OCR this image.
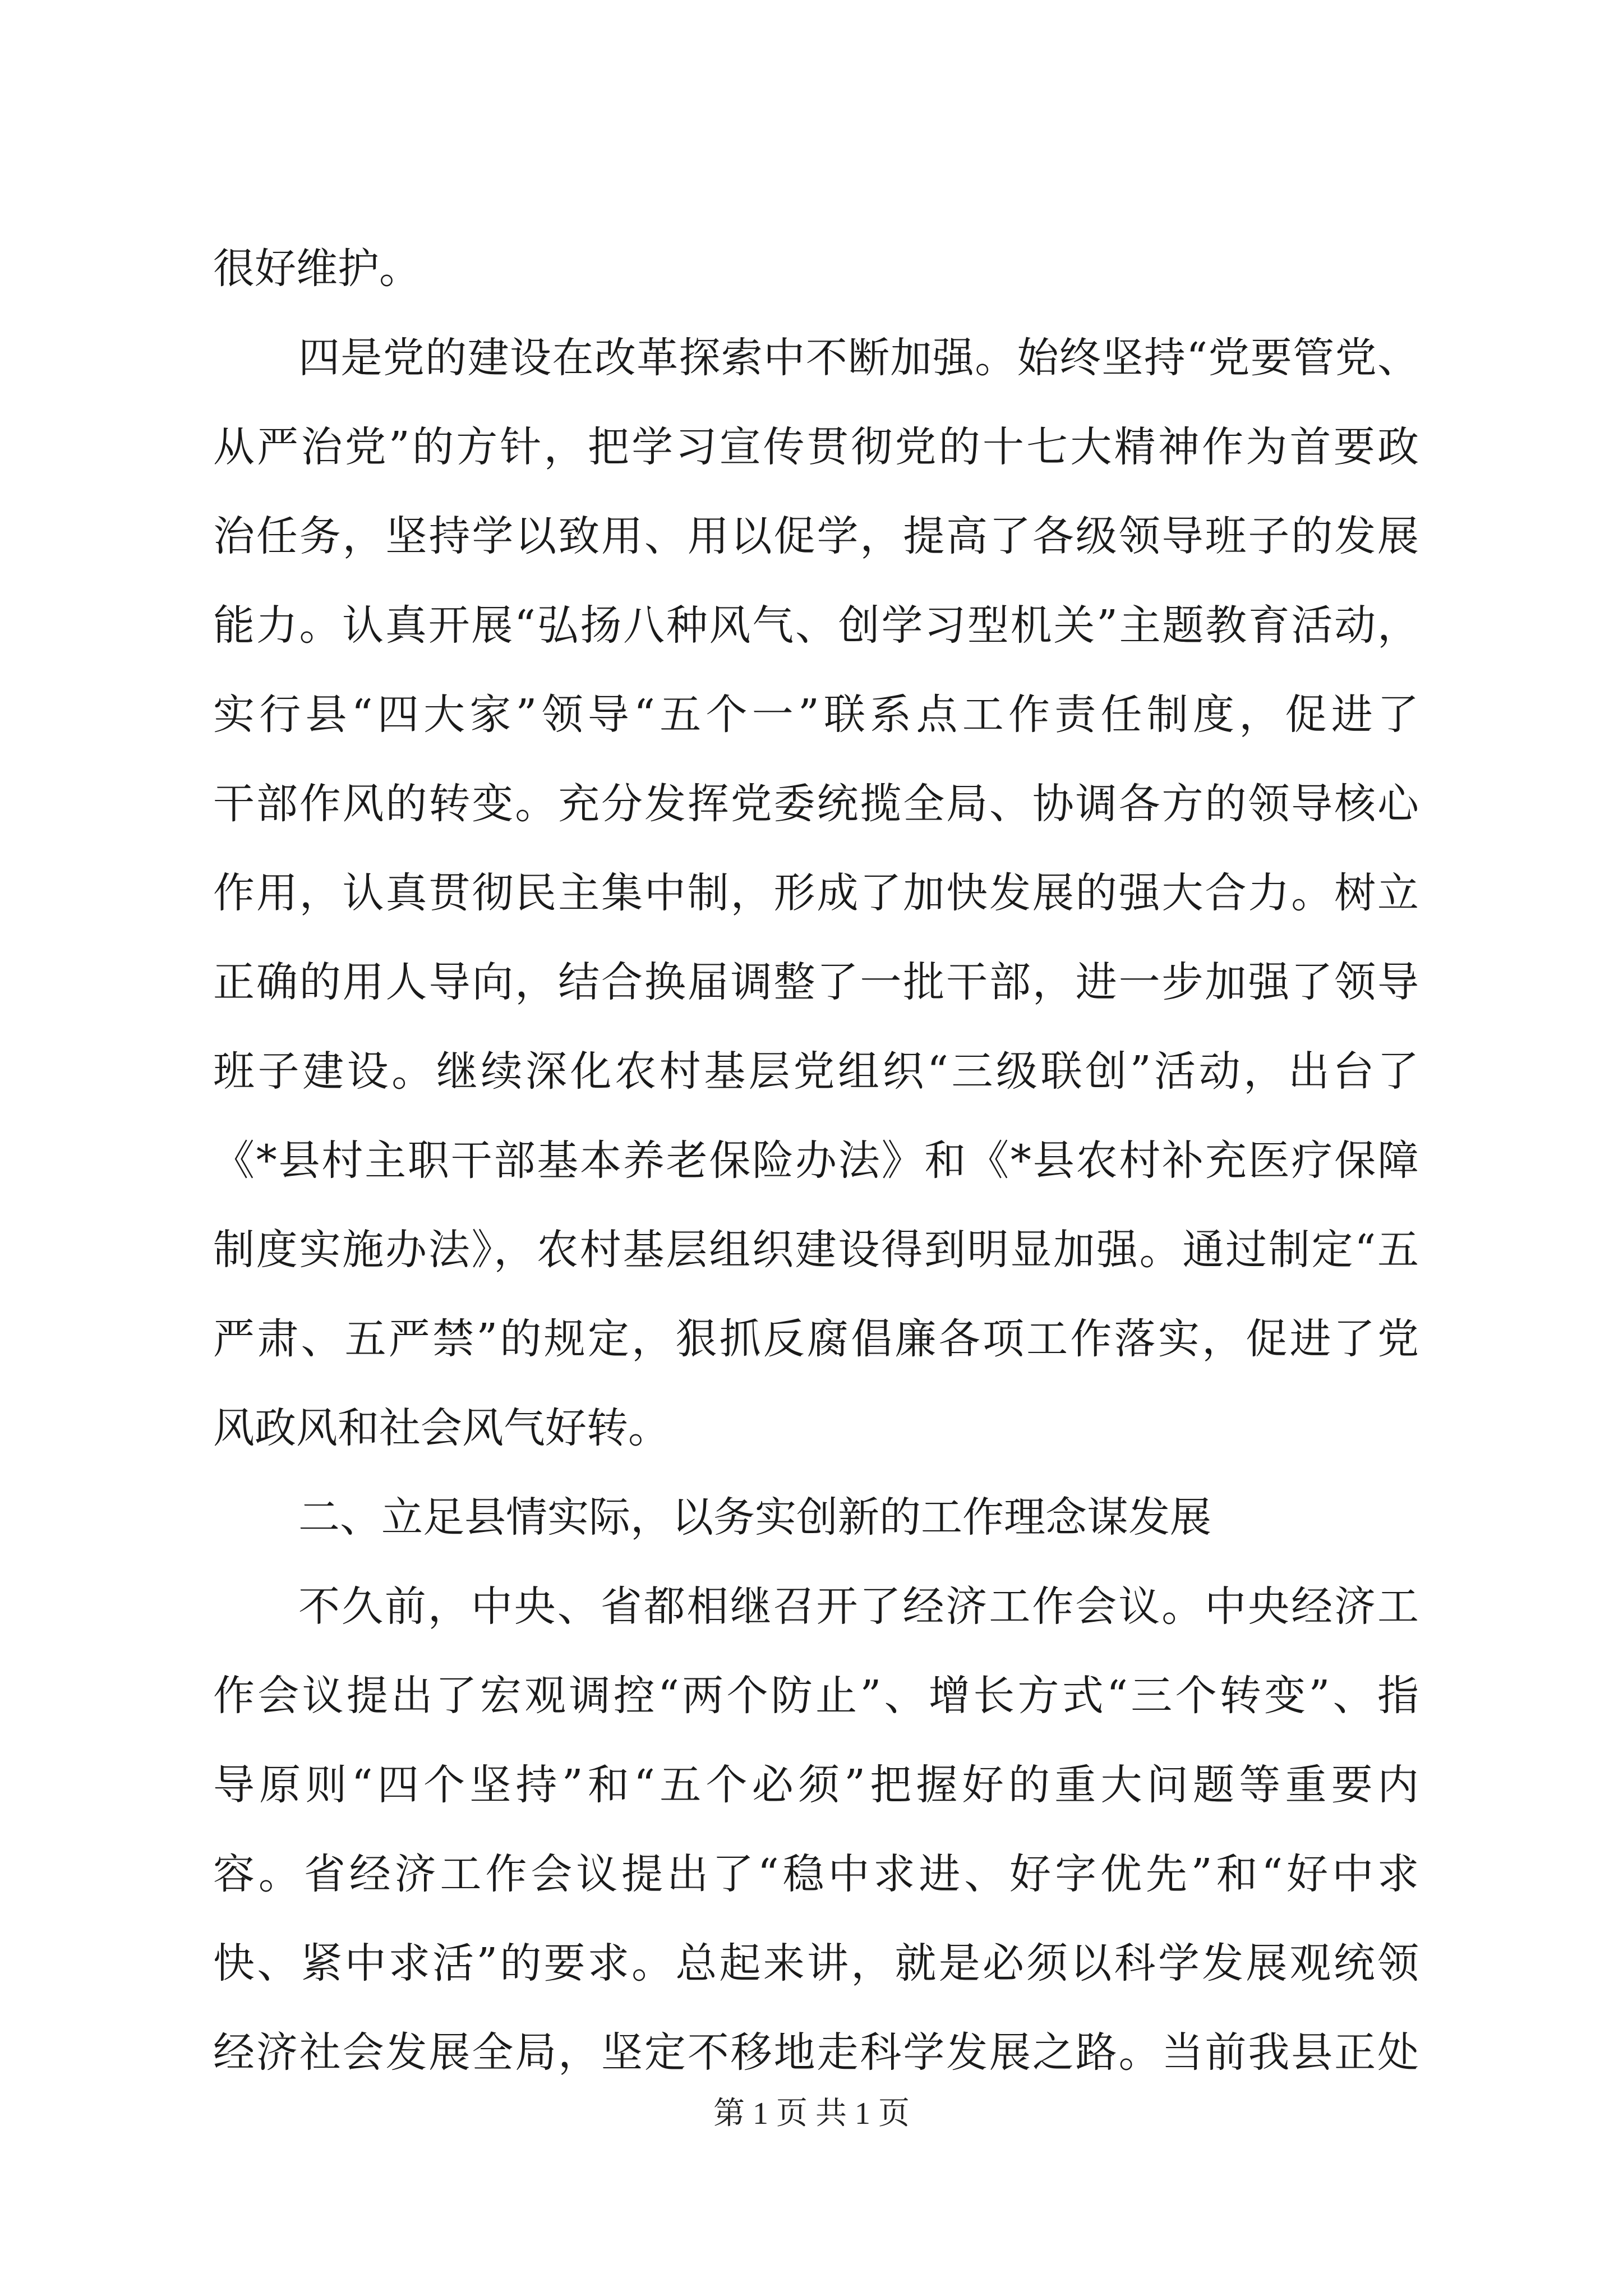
很好维护。
四是党的建设在改革探索中不断加强。始终坚持“党要管党、
从严治党”的方针，把学习宣传贯彻党的十七大精神作为首要政
治任务，坚持学以致用、用以促学，提高了各级领导班子的发展
能力。认真开展“弘扬八种风气、创学习型机关”主题教育活动，
实行县“四大家”领导“五个一”联系点工作责任制度，促进了
干部作风的转变。充分发挥党委统揽全局、协调各方的领导核心
作用，认真贯彻民主集中制，形成了加快发展的强大合力。树立
正确的用人导向，结合换届调整了一批干部，进一步加强了领导
班子建设。继续深化农村基层党组织“三级联创”活动，出台了
《*县村主职干部基本养老保险办法》和《*县农村补充医疗保障
制度实施办法》，农村基层组织建设得到明显加强。通过制定“五
严肃、五严禁”的规定，狠抓反腐倡廉各项工作落实，促进了党
风政风和社会风气好转。
二、立足县情实际，以务实创新的工作理念谋发展
不久前，中央、省都相继召开了经济工作会议。中央经济工
作会议提出了宏观调控“两个防止”、增长方式“三个转变”、指
导原则“四个坚持”和“五个必须”把握好的重大问题等重要内
容。省经济工作会议提出了“稳中求进、好字优先”和“好中求
快、紧中求活”的要求。总起来讲，就是必须以科学发展观统领
经济社会发展全局，坚定不移地走科学发展之路。当前我县正处
第 1 页 共 1 页
